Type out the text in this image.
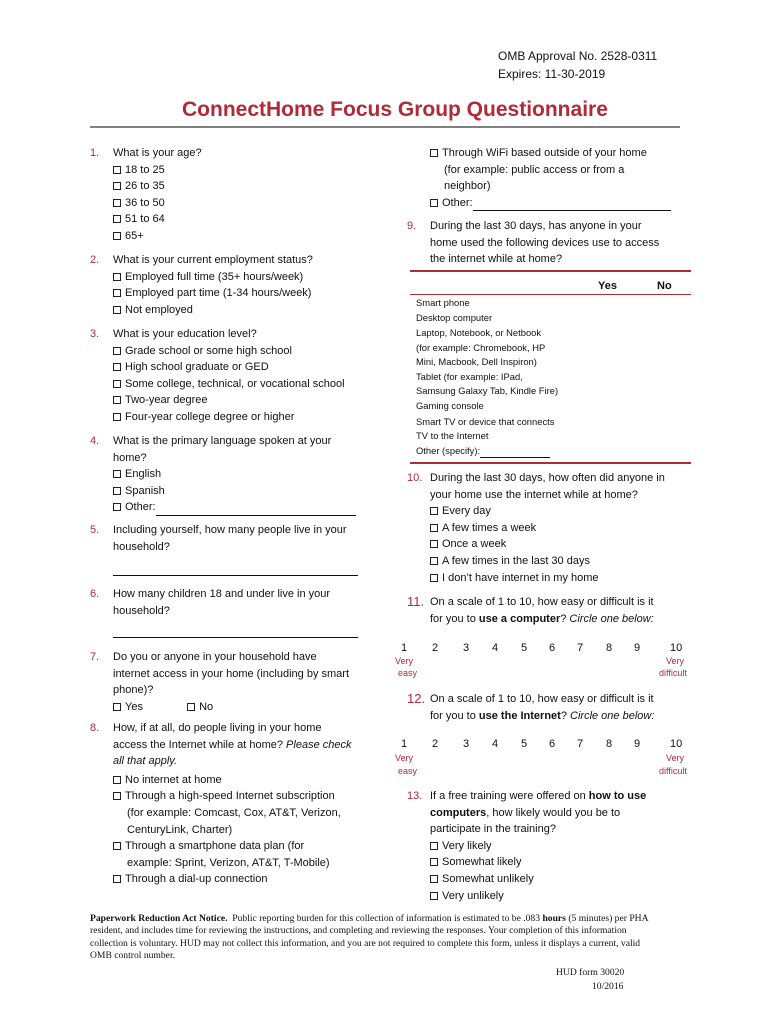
OMB Approval No. 2528-0311
Expires: 11-30-2019
ConnectHome Focus Group Questionnaire
1.	What is your age?
18 to 25
26 to 35
36 to 50
51 to 64
65+
2.	What is your current employment status?
Employed full time (35+ hours/week)
Employed part time (1-34 hours/week)
Not employed
3.	What is your education level?
Grade school or some high school
High school graduate or GED
Some college, technical, or vocational school
Two-year degree
Four-year college degree or higher
4.	What is the primary language spoken at your
home?
English
Spanish
Other:
5.	Including yourself, how many people live in your
household?
6.	How many children 18 and under live in your
household?
7.	Do you or anyone in your household have
internet access in your home (including by smart
phone)?
Yes	No
8.	How, if at all, do people living in your home
access the Internet while at home? Please check
all that apply.
No internet at home
Through a high-speed Internet subscription
(for example: Comcast, Cox, AT&T, Verizon,
CenturyLink, Charter)
Through a smartphone data plan (for
example: Sprint, Verizon, AT&T, T-Mobile)
Through a dial-up connection
Through WiFi based outside of your home
(for example: public access or from a
neighbor)
Other:
9.	During the last 30 days, has anyone in your
home used the following devices use to access
the internet while at home?
Yes	No
Smart phone
Desktop computer
Laptop, Notebook, or Netbook
(for example: Chromebook, HP
Mini, Macbook, Dell Inspiron)
Tablet (for example: IPad,
Samsung Galaxy Tab, Kindle Fire)
Gaming console
Smart TV or device that connects
TV to the Internet
Other (specify):
10. During the last 30 days, how often did anyone in
your home use the internet while at home?
Every day
A few times a week
Once a week
A few times in the last 30 days
I don’t have internet in my home
11. On a scale of 1 to 10, how easy or difficult is it
for you to use a computer? Circle one below:
1 2 3 4 5 6 7 8 9	10
Very
easy
Very
difficult
12. On a scale of 1 to 10, how easy or difficult is it
for you to use the Internet? Circle one below:
1 2 3 4 5 6 7 8 9	10
Very
easy
Very
difficult
13. If a free training were offered on how to use
computers, how likely would you be to
participate in the training?
Very likely
Somewhat likely
Somewhat unlikely
Very unlikely
Paperwork Reduction Act Notice. Public reporting burden for this collection of information is estimated to be .083 hours (5 minutes) per PHA
resident, and includes time for reviewing the instructions, and completing and reviewing the responses. Your completion of this information
collection is voluntary. HUD may not collect this information, and you are not required to complete this form, unless it displays a current, valid
OMB control number.
HUD form 30020
10/2016
